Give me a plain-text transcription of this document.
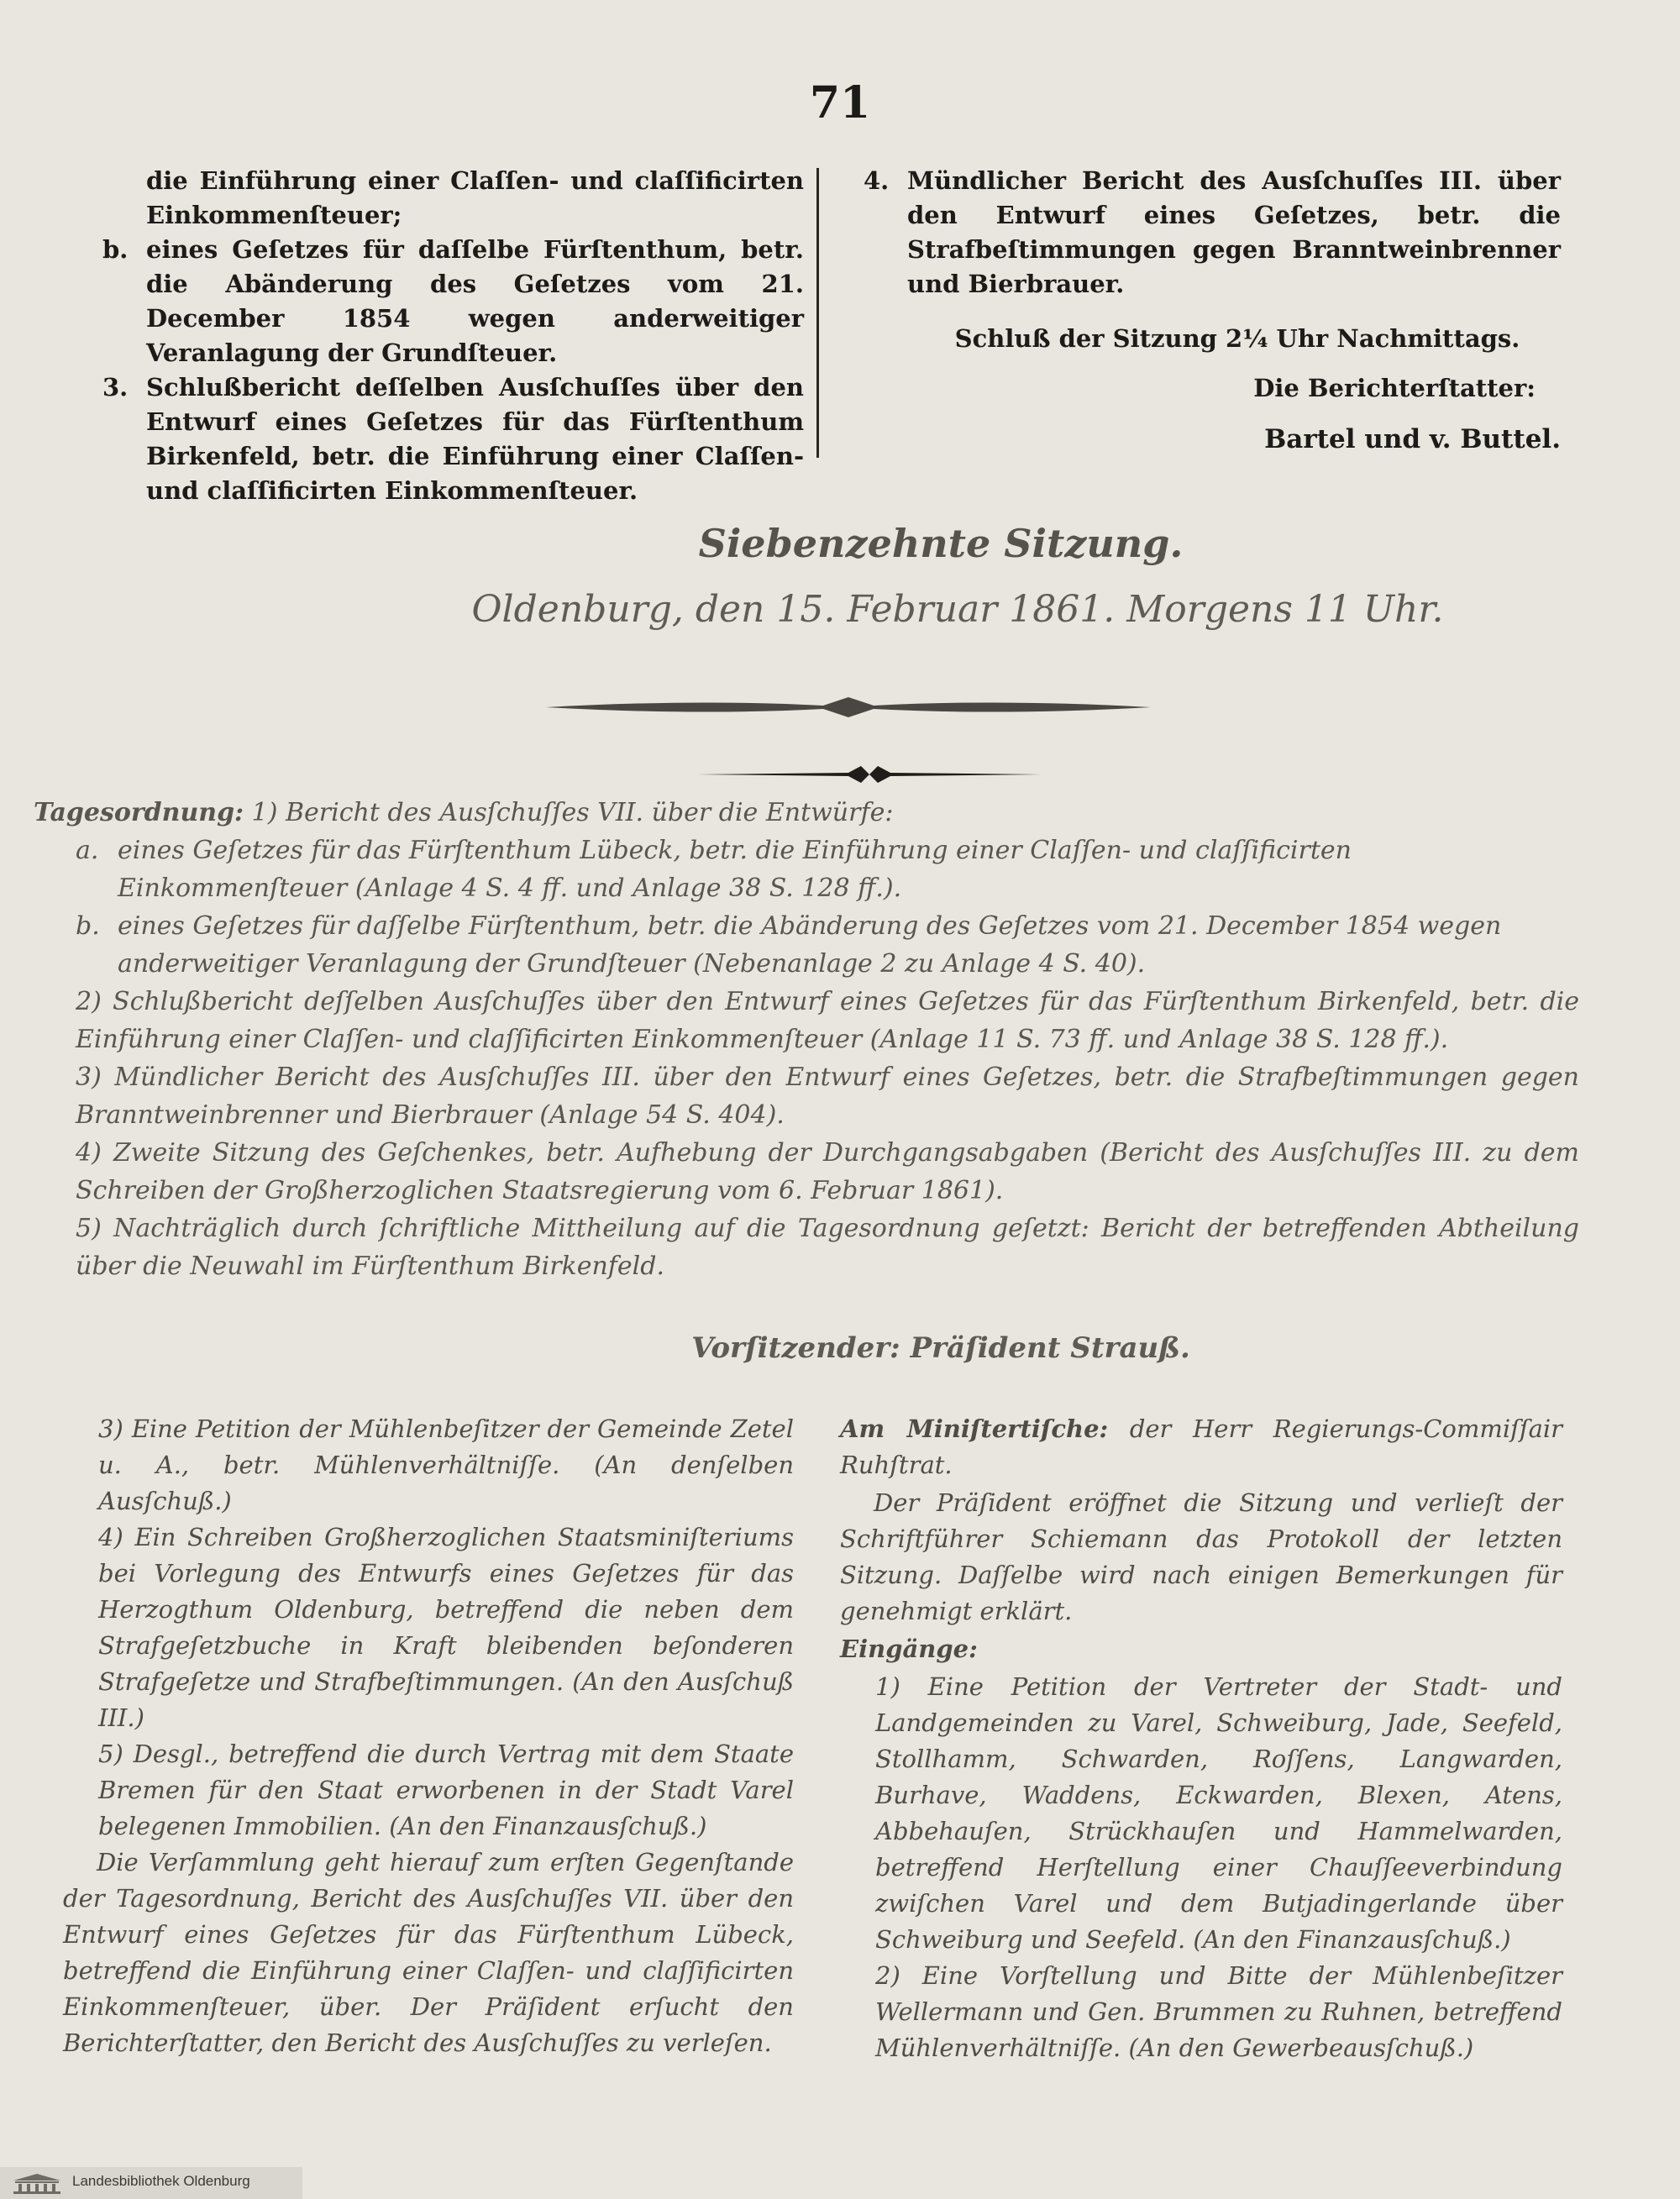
71
die Einführung einer Claſſen- und claſſificirten Einkommenſteuer;
b. eines Geſetzes für daſſelbe Fürſtenthum, betr. die Abänderung des Geſetzes vom 21. December 1854 wegen anderweitiger Veranlagung der Grundſteuer.
3. Schlußbericht deſſelben Ausſchuſſes über den Entwurf eines Geſetzes für das Fürſtenthum Birkenfeld, betr. die Einführung einer Claſſen- und claſſificirten Einkommenſteuer.
4. Mündlicher Bericht des Ausſchuſſes III. über den Entwurf eines Geſetzes, betr. die Strafbeſtimmungen gegen Branntweinbrenner und Bierbrauer.
Schluß der Sitzung 2¼ Uhr Nachmittags.
Die Berichterſtatter:
Bartel und v. Buttel.
Siebenzehnte Sitzung.
Oldenburg, den 15. Februar 1861. Morgens 11 Uhr.
Tagesordnung: 1) Bericht des Ausſchuſſes VII. über die Entwürfe:
a. eines Geſetzes für das Fürſtenthum Lübeck, betr. die Einführung einer Claſſen- und claſſificirten Einkommenſteuer (Anlage 4 S. 4 ff. und Anlage 38 S. 128 ff.).
b. eines Geſetzes für daſſelbe Fürſtenthum, betr. die Abänderung des Geſetzes vom 21. December 1854 wegen anderweitiger Veranlagung der Grundſteuer (Nebenanlage 2 zu Anlage 4 S. 40).
2) Schlußbericht deſſelben Ausſchuſſes über den Entwurf eines Geſetzes für das Fürſtenthum Birkenfeld, betr. die Einführung einer Claſſen- und claſſificirten Einkommenſteuer (Anlage 11 S. 73 ff. und Anlage 38 S. 128 ff.).
3) Mündlicher Bericht des Ausſchuſſes III. über den Entwurf eines Geſetzes, betr. die Strafbeſtimmungen gegen Branntweinbrenner und Bierbrauer (Anlage 54 S. 404).
4) Zweite Sitzung des Geſchenkes, betr. Aufhebung der Durchgangsabgaben (Bericht des Ausſchuſſes III. zu dem Schreiben der Großherzoglichen Staatsregierung vom 6. Februar 1861).
5) Nachträglich durch ſchriftliche Mittheilung auf die Tagesordnung geſetzt: Bericht der betreffenden Abtheilung über die Neuwahl im Fürſtenthum Birkenfeld.
Vorſitzender: Präſident Strauß.
3) Eine Petition der Mühlenbeſitzer der Gemeinde Zetel u. A., betr. Mühlenverhältniſſe. (An denſelben Ausſchuß.)
4) Ein Schreiben Großherzoglichen Staatsminiſteriums bei Vorlegung des Entwurfs eines Geſetzes für das Herzogthum Oldenburg, betreffend die neben dem Strafgeſetzbuche in Kraft bleibenden beſonderen Strafgeſetze und Strafbeſtimmungen. (An den Ausſchuß III.)
5) Desgl., betreffend die durch Vertrag mit dem Staate Bremen für den Staat erworbenen in der Stadt Varel belegenen Immobilien. (An den Finanzausſchuß.)

Die Verſammlung geht hierauf zum erſten Gegenſtande der Tagesordnung, Bericht des Ausſchuſſes VII. über den Entwurf eines Geſetzes für das Fürſtenthum Lübeck, betreffend die Einführung einer Claſſen- und claſſificirten Einkommenſteuer, über. Der Präſident erſucht den Berichterſtatter, den Bericht des Ausſchuſſes zu verleſen.

Am Miniſtertiſche: der Herr Regierungs-Commiſſair Ruhſtrat.

Der Präſident eröffnet die Sitzung und verlieſt der Schriftführer Schiemann das Protokoll der letzten Sitzung. Daſſelbe wird nach einigen Bemerkungen für genehmigt erklärt.

Eingänge:

1) Eine Petition der Vertreter der Stadt- und Landgemeinden zu Varel, Schweiburg, Jade, Seefeld, Stollhamm, Schwarden, Roſſens, Langwarden, Burhave, Waddens, Eckwarden, Blexen, Atens, Abbehauſen, Strückhauſen und Hammelwarden, betreffend Herſtellung einer Chauſſeeverbindung zwiſchen Varel und dem Butjadingerlande über Schweiburg und Seefeld. (An den Finanzausſchuß.)
2) Eine Vorſtellung und Bitte der Mühlenbeſitzer Wellermann und Gen. Brummen zu Ruhnen, betreffend Mühlenverhältniſſe. (An den Gewerbeausſchuß.)
Landesbibliothek Oldenburg
